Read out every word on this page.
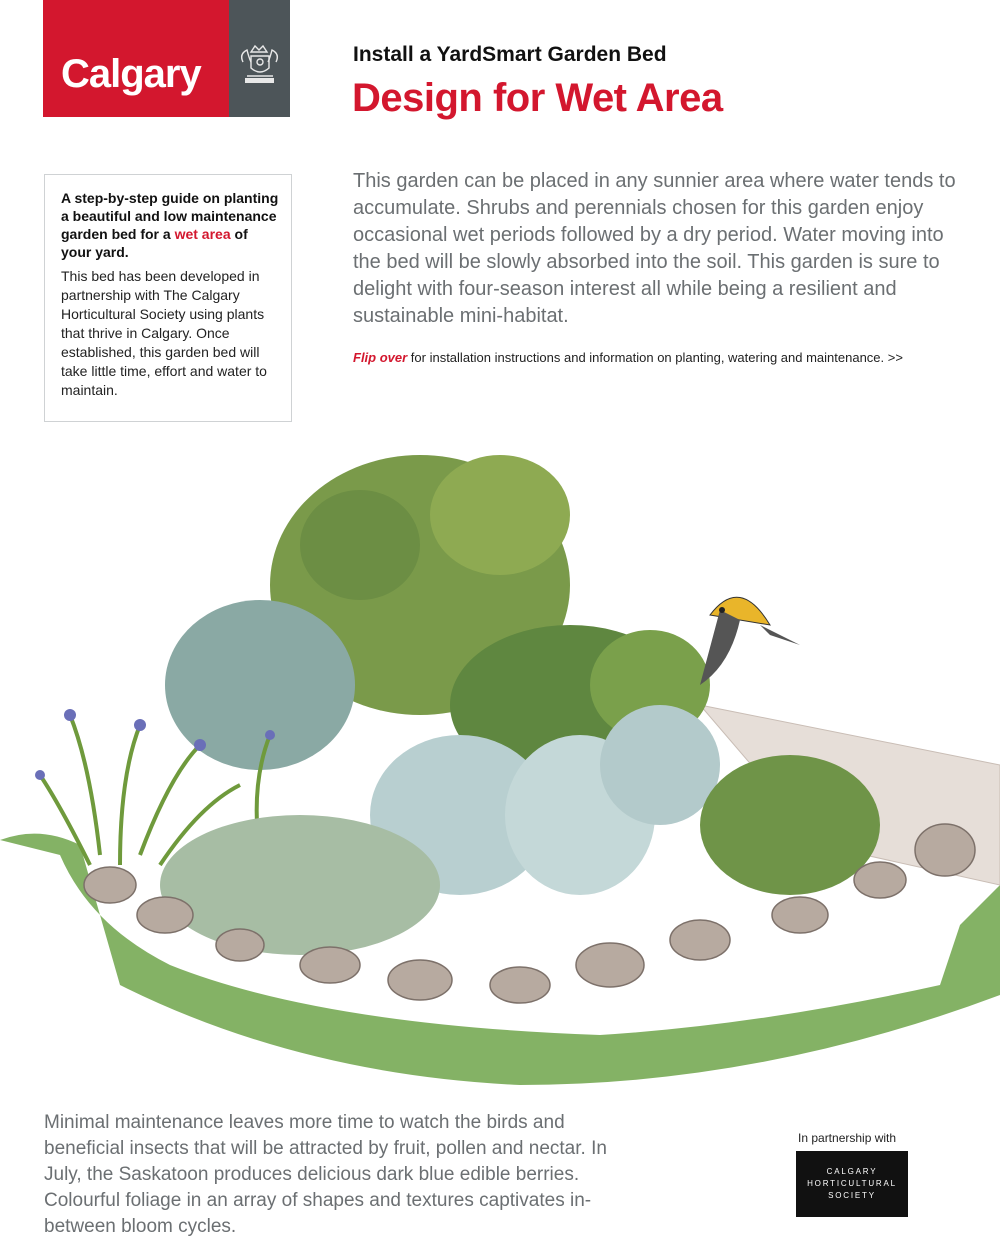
Calgary	Install a YardSmart Garden Bed
Design for Wet Area

A step-by-step guide on planting a beautiful and low maintenance garden bed for a wet area of your yard.

This bed has been developed in partnership with The Calgary Horticultural Society using plants that thrive in Calgary. Once established, this garden bed will take little time, effort and water to maintain.

This garden can be placed in any sunnier area where water tends to accumulate. Shrubs and perennials chosen for this garden enjoy occasional wet periods followed by a dry period. Water moving into the bed will be slowly absorbed into the soil. This garden is sure to delight with four-season interest all while being a resilient and sustainable mini-habitat.
Flip over for installation instructions and information on planting, watering and maintenance. >>
Minimal maintenance leaves more time to watch the birds and beneficial insects that will be attracted by fruit, pollen and nectar. In July, the Saskatoon produces delicious dark blue edible berries. Colourful foliage in an array of shapes and textures captivates in-between bloom cycles.
In partnership with
CALGARY
HORTICULTURAL
SOCIETY
